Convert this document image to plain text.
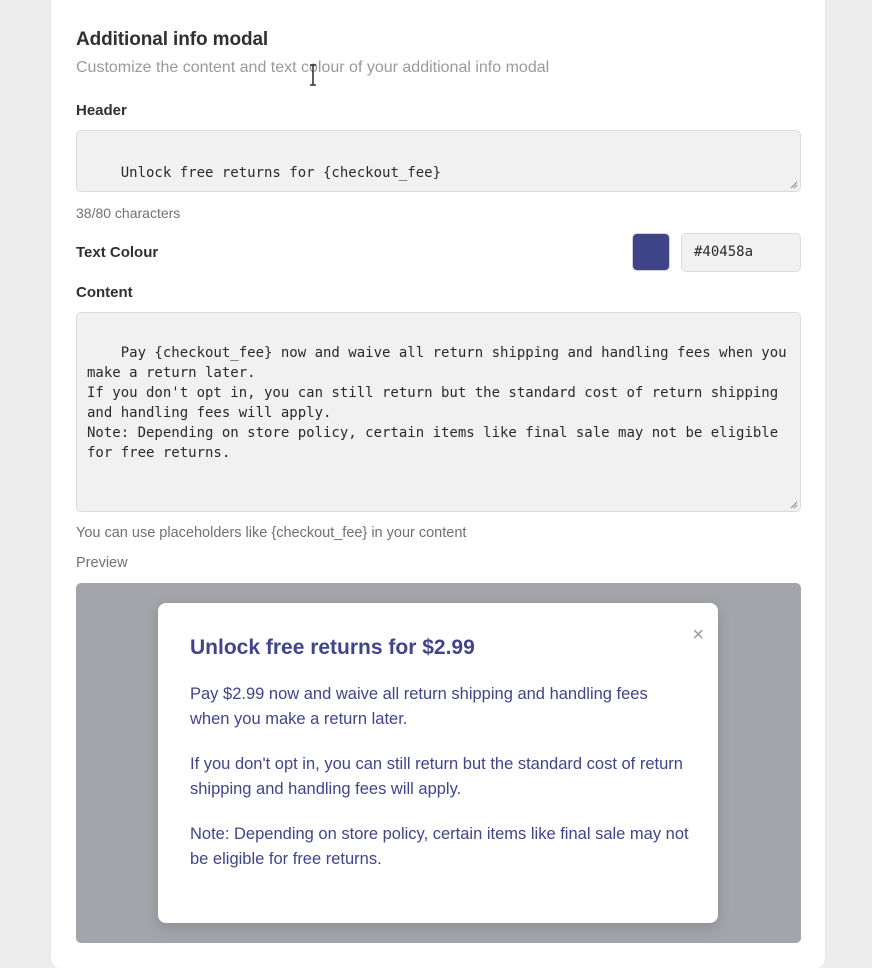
Additional info modal
Customize the content and text colour of your additional info modal
Header

Unlock free returns for {checkout_fee}

38/80 characters
Text Colour	#40458a
Content

Pay {checkout_fee} now and waive all return shipping and handling fees when you make a return later.
If you don't opt in, you can still return but the standard cost of return shipping and handling fees will apply.
Note: Depending on store policy, certain items like final sale may not be eligible for free returns.

You can use placeholders like {checkout_fee} in your content
Preview
Unlock free returns for $2.99
×
Pay $2.99 now and waive all return shipping and handling fees when you make a return later.
If you don't opt in, you can still return but the standard cost of return shipping and handling fees will apply.
Note: Depending on store policy, certain items like final sale may not be eligible for free returns.
